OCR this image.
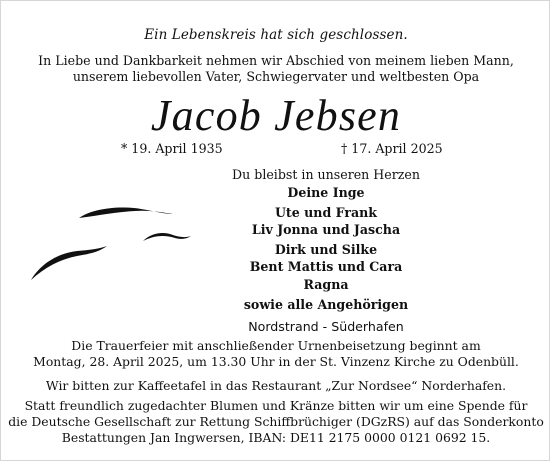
Ein Lebenskreis hat sich geschlossen.
In Liebe und Dankbarkeit nehmen wir Abschied von meinem lieben Mann,
unserem liebevollen Vater, Schwiegervater und weltbesten Opa
Jacob Jebsen
* 19. April 1935	† 17. April 2025
Du bleibst in unseren Herzen
Deine Inge
Ute und Frank
Liv Jonna und Jascha
Dirk und Silke
Bent Mattis und Cara
Ragna
sowie alle Angehörigen
Nordstrand - Süderhafen
Die Trauerfeier mit anschließender Urnenbeisetzung beginnt am
Montag, 28. April 2025, um 13.30 Uhr in der St. Vinzenz Kirche zu Odenbüll.
Wir bitten zur Kaffeetafel in das Restaurant „Zur Nordsee“ Norderhafen.
Statt freundlich zugedachter Blumen und Kränze bitten wir um eine Spende für
die Deutsche Gesellschaft zur Rettung Schiffbrüchiger (DGzRS) auf das Sonderkonto
Bestattungen Jan Ingwersen, IBAN: DE11 2175 0000 0121 0692 15.
